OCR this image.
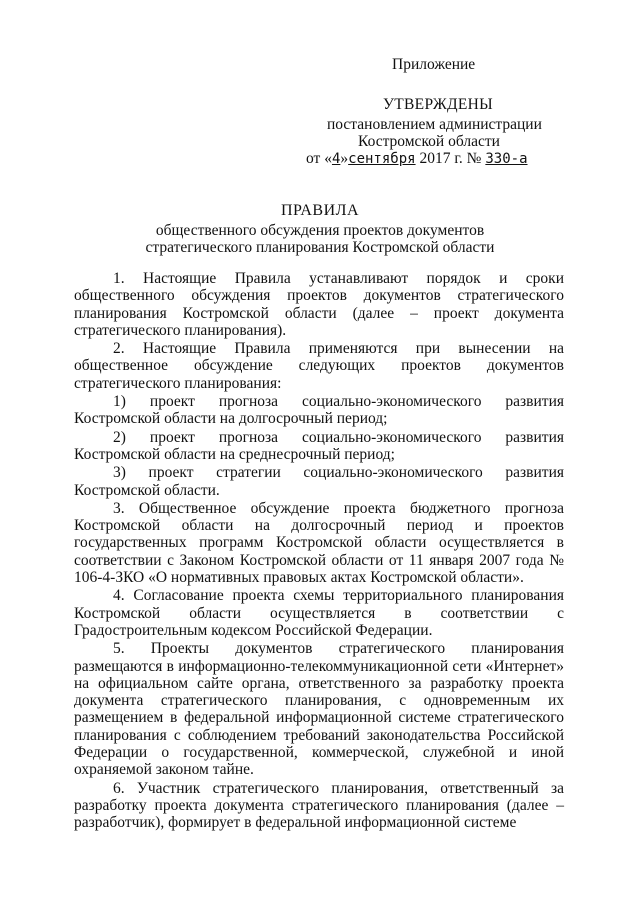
Приложение
УТВЕРЖДЕНЫ
постановлением администрации
Костромской области
от «4»сентября 2017 г. № 330-а
ПРАВИЛА
общественного обсуждения проектов документов
стратегического планирования Костромской области

1. Настоящие Правила устанавливают порядок и сроки общественного обсуждения проектов документов стратегического планирования Костромской области (далее – проект документа стратегического планирования).

2. Настоящие Правила применяются при вынесении на общественное обсуждение следующих проектов документов стратегического планирования:

1) проект прогноза социально-экономического развития Костромской области на долгосрочный период;

2) проект прогноза социально-экономического развития Костромской области на среднесрочный период;

3) проект стратегии социально-экономического развития Костромской области.

3. Общественное обсуждение проекта бюджетного прогноза Костромской области на долгосрочный период и проектов государственных программ Костромской области осуществляется в соответствии с Законом Костромской области от 11 января 2007 года № 106-4-ЗКО «О нормативных правовых актах Костромской области».

4. Согласование проекта схемы территориального планирования Костромской области осуществляется в соответствии с Градостроительным кодексом Российской Федерации.

5. Проекты документов стратегического планирования размещаются в информационно-телекоммуникационной сети «Интернет» на официальном сайте органа, ответственного за разработку проекта документа стратегического планирования, с одновременным их размещением в федеральной информационной системе стратегического планирования с соблюдением требований законодательства Российской Федерации о государственной, коммерческой, служебной и иной охраняемой законом тайне.

6. Участник стратегического планирования, ответственный за разработку проекта документа стратегического планирования (далее – разработчик), формирует в федеральной информационной системе
